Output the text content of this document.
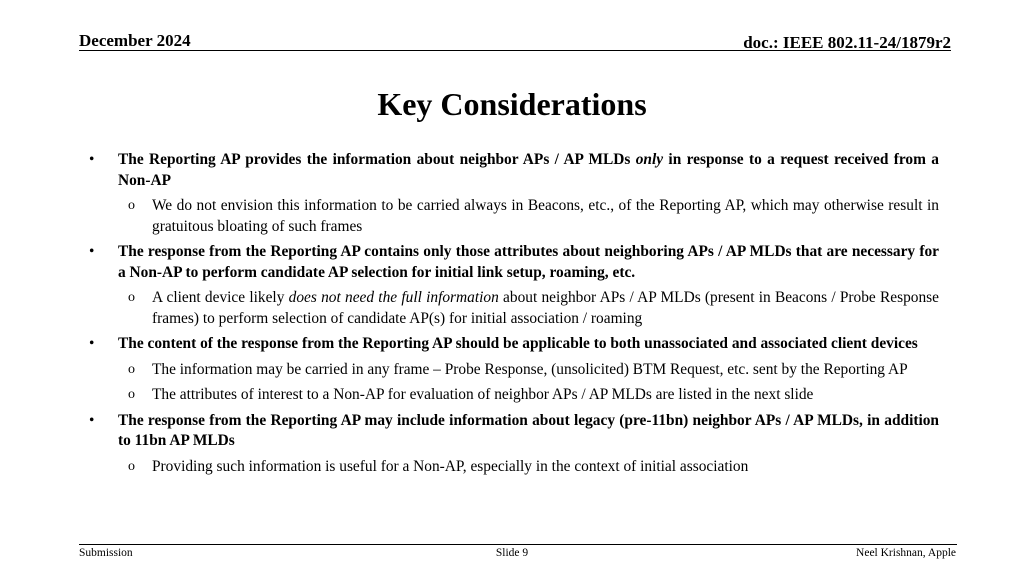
December 2024	doc.: IEEE 802.11-24/1879r2
Key Considerations
• The Reporting AP provides the information about neighbor APs / AP MLDs only in response to a request received from a Non-AP
o We do not envision this information to be carried always in Beacons, etc., of the Reporting AP, which may otherwise result in gratuitous bloating of such frames
• The response from the Reporting AP contains only those attributes about neighboring APs / AP MLDs that are necessary for a Non-AP to perform candidate AP selection for initial link setup, roaming, etc.
o A client device likely does not need the full information about neighbor APs / AP MLDs (present in Beacons / Probe Response frames) to perform selection of candidate AP(s) for initial association / roaming
• The content of the response from the Reporting AP should be applicable to both unassociated and associated client devices
o The information may be carried in any frame – Probe Response, (unsolicited) BTM Request, etc. sent by the Reporting AP
o The attributes of interest to a Non-AP for evaluation of neighbor APs / AP MLDs are listed in the next slide
• The response from the Reporting AP may include information about legacy (pre-11bn) neighbor APs / AP MLDs, in addition to 11bn AP MLDs
o Providing such information is useful for a Non-AP, especially in the context of initial association
Submission	Slide 9	Neel Krishnan, Apple
